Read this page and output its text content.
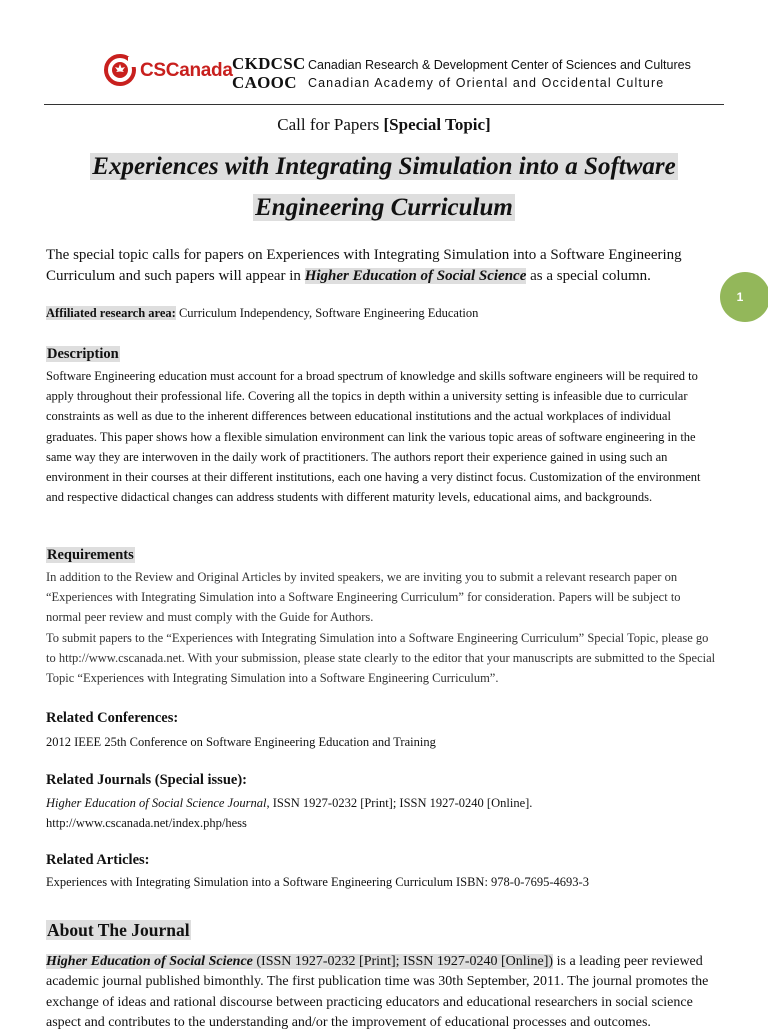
CSCanada CKDCSC
CAOOC
Canadian Research & Development Center of Sciences and Cultures
Canadian Academy of Oriental and Occidental Culture
Call for Papers [Special Topic]
Experiences with Integrating Simulation into a Software
Engineering Curriculum
1
The special topic calls for papers on Experiences with Integrating Simulation into a Software Engineering Curriculum and such papers will appear in Higher Education of Social Science as a special column.
Affiliated research area: Curriculum Independency, Software Engineering Education
Description
Software Engineering education must account for a broad spectrum of knowledge and skills software engineers will be required to apply throughout their professional life. Covering all the topics in depth within a university setting is infeasible due to curricular constraints as well as due to the inherent differences between educational institutions and the actual workplaces of individual graduates. This paper shows how a flexible simulation environment can link the various topic areas of software engineering in the same way they are interwoven in the daily work of practitioners. The authors report their experience gained in using such an environment in their courses at their different institutions, each one having a very distinct focus. Customization of the environment and respective didactical changes can address students with different maturity levels, educational aims, and backgrounds.
Requirements
In addition to the Review and Original Articles by invited speakers, we are inviting you to submit a relevant research paper on “Experiences with Integrating Simulation into a Software Engineering Curriculum” for consideration. Papers will be subject to normal peer review and must comply with the Guide for Authors.
To submit papers to the “Experiences with Integrating Simulation into a Software Engineering Curriculum” Special Topic, please go to http://www.cscanada.net. With your submission, please state clearly to the editor that your manuscripts are submitted to the Special Topic “Experiences with Integrating Simulation into a Software Engineering Curriculum”.
Related Conferences:
2012 IEEE 25th Conference on Software Engineering Education and Training
Related Journals (Special issue):
Higher Education of Social Science Journal, ISSN 1927-0232 [Print]; ISSN 1927-0240 [Online].
http://www.cscanada.net/index.php/hess
Related Articles:
Experiences with Integrating Simulation into a Software Engineering Curriculum ISBN: 978-0-7695-4693-3
About The Journal
Higher Education of Social Science (ISSN 1927-0232 [Print]; ISSN 1927-0240 [Online]) is a leading peer reviewed academic journal published bimonthly. The first publication time was 30th September, 2011. The journal promotes the exchange of ideas and rational discourse between practicing educators and educational researchers in social science aspect and contributes to the understanding and/or the improvement of educational processes and outcomes.
